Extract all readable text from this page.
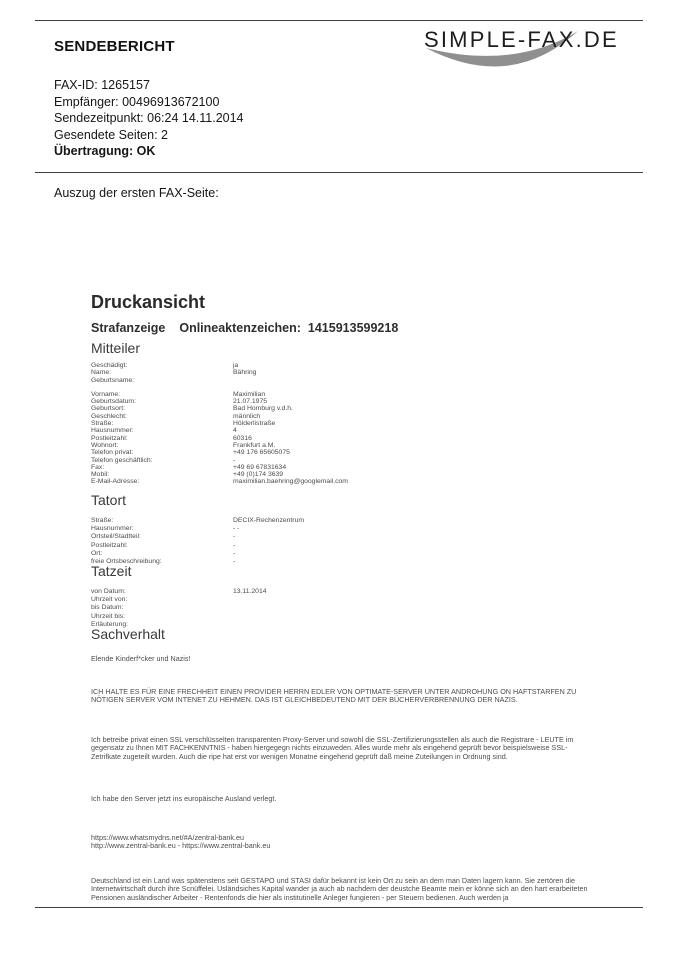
SENDEBERICHT	SIMPLE-FAX.DE
FAX-ID: 1265157
Empfänger: 00496913672100
Sendezeitpunkt: 06:24 14.11.2014
Gesendete Seiten: 2
Übertragung: OK
Auszug der ersten FAX-Seite:
Druckansicht
Strafanzeige Onlineaktenzeichen: 1415913599218
Mitteiler
Geschädigt:	ja
Name:	Bähring
Geburtsname:
Vorname:	Maximilian
Geburtsdatum:	21.07.1975
Geburtsort:	Bad Homburg v.d.h.
Geschlecht:	männlich
Straße:	Hölderlistraße
Hausnummer:	4
Postleitzahl:	60316
Wohnort:	Frankfurt a.M.
Telefon privat:	+49 176 65605075
Telefon geschäftlich:	-
Fax:	+49 69 67831634
Mobil:	+49 (0)174 3639
E-Mail-Adresse:	maximilian.baehring@googlemail.com
Tatort
Straße:	DECIX-Rechenzentrum
Hausnummer:	- -
Ortsteil/Stadtteil:	-
Postleitzahl:	-
Ort:	-
freie Ortsbeschreibung:	-
Tatzeit
von Datum:	13.11.2014
Uhrzeit von:
bis Datum:
Uhrzeit bis:
Erläuterung:
Sachverhalt
Elende Kinderf*cker und Nazis!

ICH HALTE ES FÜR EINE FRECHHEIT EINEN PROVIDER HERRN EDLER VON OPTIMATE-SERVER UNTER ANDROHUNG ON HAFTSTARFEN ZU NÖTIGEN SERVER VOM INTENET ZU HEHMEN. DAS IST GLEICHBEDEUTEND MIT DER BÜCHERVERBRENNUNG DER NAZIS.

Ich betreibe privat einen SSL verschlüsselten transparenten Proxy-Server und sowohl die SSL-Zertifizierungsstellen als auch die Registrare - LEUTE im gegensatz zu Ihnen MIT FACHKENNTNIS - haben hiergegegn nichts einzuweden. Alles wurde mehr als eingehend geprüft bevor beispielsweise SSL-Zetrifkate zugeteilt wurden. Auch die ripe hat erst vor wenigen Monatne eingehend geprüft daß meine Zuteilungen in Ordnung sind.

Ich habe den Server jetzt ins europäische Ausland verlegt.

https://www.whatsmydns.net/#A/zentral-bank.eu
http://www.zentral-bank.eu - https://www.zentral-bank.eu

Deutschland ist ein Land was spätenstens seit GESTAPO und STASI dafür bekannt ist kein Ort zu sein an dem man Daten lagern kann. Sie zertören die Internetwirtschaft durch ihre Scnüffelei. Usländsiches Kapital wander ja auch ab nachdem der deustche Beamte mein er könne sich an den hart erarbeiteten Pensionen ausländischer Arbeiter - Rentenfonds die hier als institutinelle Anleger fungieren - per Steuern bedienen. Auch werden ja
